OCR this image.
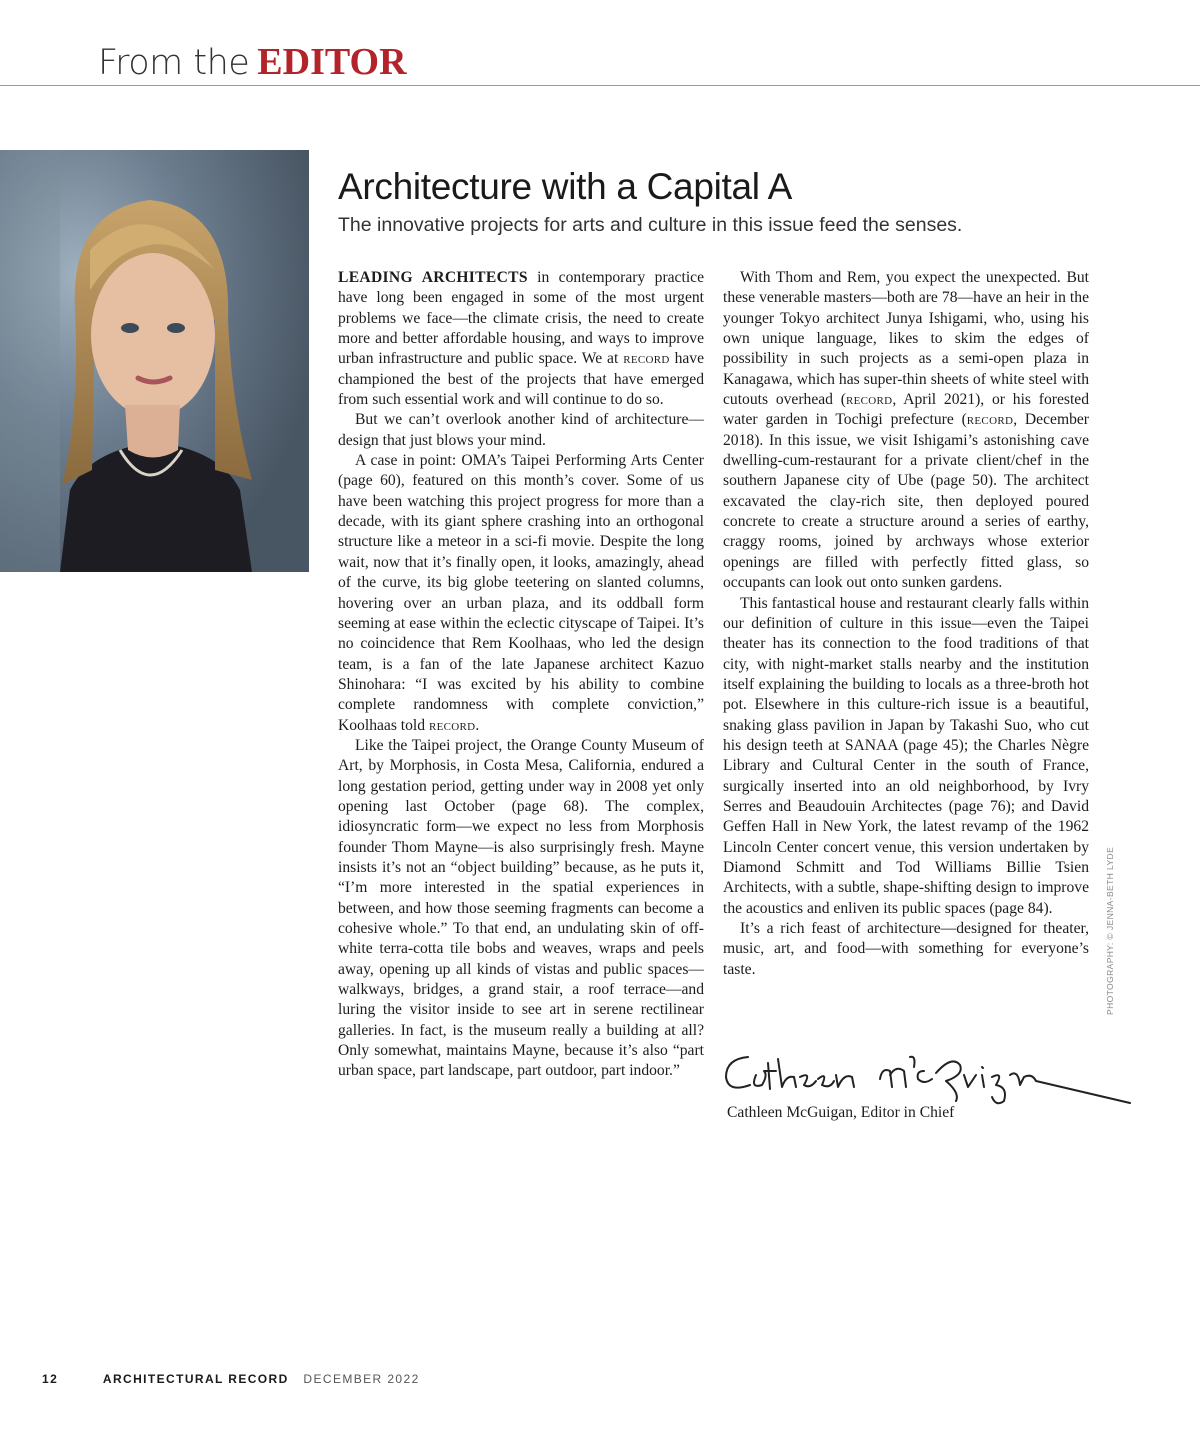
From the EDITOR
Architecture with a Capital A
The innovative projects for arts and culture in this issue feed the senses.

LEADING ARCHITECTS in contemporary practice have long been engaged in some of the most urgent problems we face—the climate crisis, the need to create more and better affordable housing, and ways to improve urban infrastructure and public space. We at record have championed the best of the projects that have emerged from such essential work and will continue to do so.

But we can’t overlook another kind of architecture—design that just blows your mind.

A case in point: OMA’s Taipei Performing Arts Center (page 60), featured on this month’s cover. Some of us have been watching this project progress for more than a decade, with its giant sphere crashing into an orthogonal structure like a meteor in a sci-fi movie. Despite the long wait, now that it’s finally open, it looks, amazingly, ahead of the curve, its big globe teetering on slanted columns, hovering over an urban plaza, and its oddball form seeming at ease within the eclectic cityscape of Taipei. It’s no coincidence that Rem Koolhaas, who led the design team, is a fan of the late Japanese architect Kazuo Shinohara: “I was excited by his ability to combine complete randomness with complete conviction,” Koolhaas told record.

Like the Taipei project, the Orange County Museum of Art, by Morphosis, in Costa Mesa, California, endured a long gestation period, getting under way in 2008 yet only opening last October (page 68). The complex, idiosyncratic form—we expect no less from Morphosis founder Thom Mayne—is also surprisingly fresh. Mayne insists it’s not an “object building” because, as he puts it, “I’m more interested in the spatial experiences in between, and how those seeming fragments can become a cohesive whole.” To that end, an undulating skin of off-white terra-cotta tile bobs and weaves, wraps and peels away, opening up all kinds of vistas and public spaces—walkways, bridges, a grand stair, a roof terrace—and luring the visitor inside to see art in serene rectilinear galleries. In fact, is the museum really a building at all? Only somewhat, maintains Mayne, because it’s also “part urban space, part landscape, part outdoor, part indoor.”

With Thom and Rem, you expect the unexpected. But these venerable masters—both are 78—have an heir in the younger Tokyo architect Junya Ishigami, who, using his own unique language, likes to skim the edges of possibility in such projects as a semi-open plaza in Kanagawa, which has super-thin sheets of white steel with cutouts overhead (record, April 2021), or his forested water garden in Tochigi prefecture (record, December 2018). In this issue, we visit Ishigami’s astonishing cave dwelling-cum-restaurant for a private client/chef in the southern Japanese city of Ube (page 50). The architect excavated the clay-rich site, then deployed poured concrete to create a structure around a series of earthy, craggy rooms, joined by archways whose exterior openings are filled with perfectly fitted glass, so occupants can look out onto sunken gardens.

This fantastical house and restaurant clearly falls within our definition of culture in this issue—even the Taipei theater has its connection to the food traditions of that city, with night-market stalls nearby and the institution itself explaining the building to locals as a three-broth hot pot. Elsewhere in this culture-rich issue is a beautiful, snaking glass pavilion in Japan by Takashi Suo, who cut his design teeth at SANAA (page 45); the Charles Nègre Library and Cultural Center in the south of France, surgically inserted into an old neighborhood, by Ivry Serres and Beaudouin Architectes (page 76); and David Geffen Hall in New York, the latest revamp of the 1962 Lincoln Center concert venue, this version undertaken by Diamond Schmitt and Tod Williams Billie Tsien Architects, with a subtle, shape-shifting design to improve the acoustics and enliven its public spaces (page 84).

It’s a rich feast of architecture—designed for theater, music, art, and food—with something for everyone’s taste.

Cathleen McGuigan, Editor in Chief
PHOTOGRAPHY: © JENNA-BETH LYDE
12	ARCHITECTURAL RECORD DECEMBER 2022
